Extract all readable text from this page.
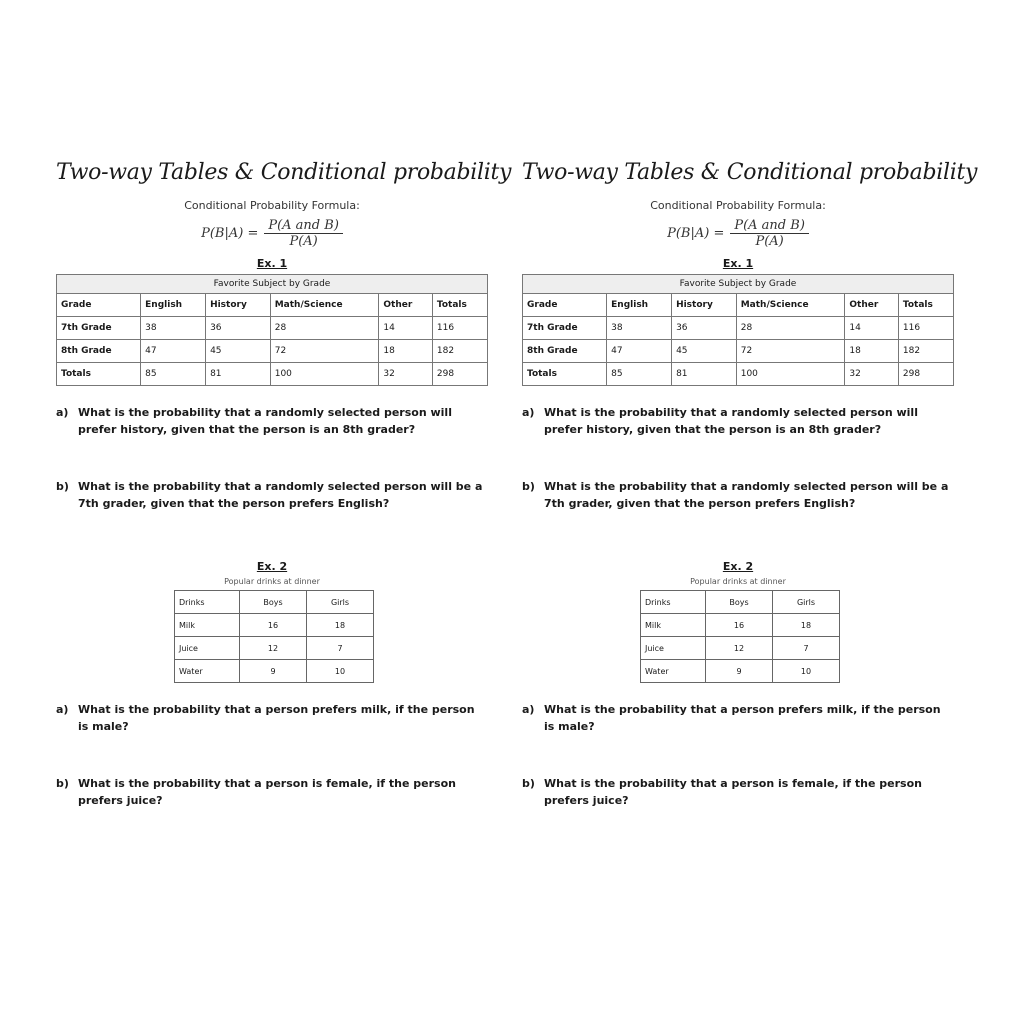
Two-way Tables & Conditional probability
Conditional Probability Formula:
$P(B|A) = \frac{\text{P(A and B)}}{P(A)}$
Ex. 1
Favorite Subject by Grade					
Grade	English	History	Math/Science	Other	Totals
7th Grade	38	36	28	14	116
8th Grade	47	45	72	18	182
Totals	85	81	100	32	298
a) What is the probability that a randomly selected person will prefer history, given that the person is an 8th grader?
b) What is the probability that a randomly selected person will be a 7th grader, given that the person prefers English?
Ex. 2
Popular drinks at dinner
Drinks	Boys	Girls
Milk	16	18
Juice	12	7
Water	9	10
a) What is the probability that a person prefers milk, if the person is male?
b) What is the probability that a person is female, if the person prefers juice?
Two-way Tables & Conditional probability
Conditional Probability Formula:
$P(B|A) = \frac{\text{P(A and B)}}{P(A)}$
Ex. 1
Favorite Subject by Grade					
Grade	English	History	Math/Science	Other	Totals
7th Grade	38	36	28	14	116
8th Grade	47	45	72	18	182
Totals	85	81	100	32	298
a) What is the probability that a randomly selected person will prefer history, given that the person is an 8th grader?
b) What is the probability that a randomly selected person will be a 7th grader, given that the person prefers English?
Ex. 2
Popular drinks at dinner
Drinks	Boys	Girls
Milk	16	18
Juice	12	7
Water	9	10
a) What is the probability that a person prefers milk, if the person is male?
b) What is the probability that a person is female, if the person prefers juice?
